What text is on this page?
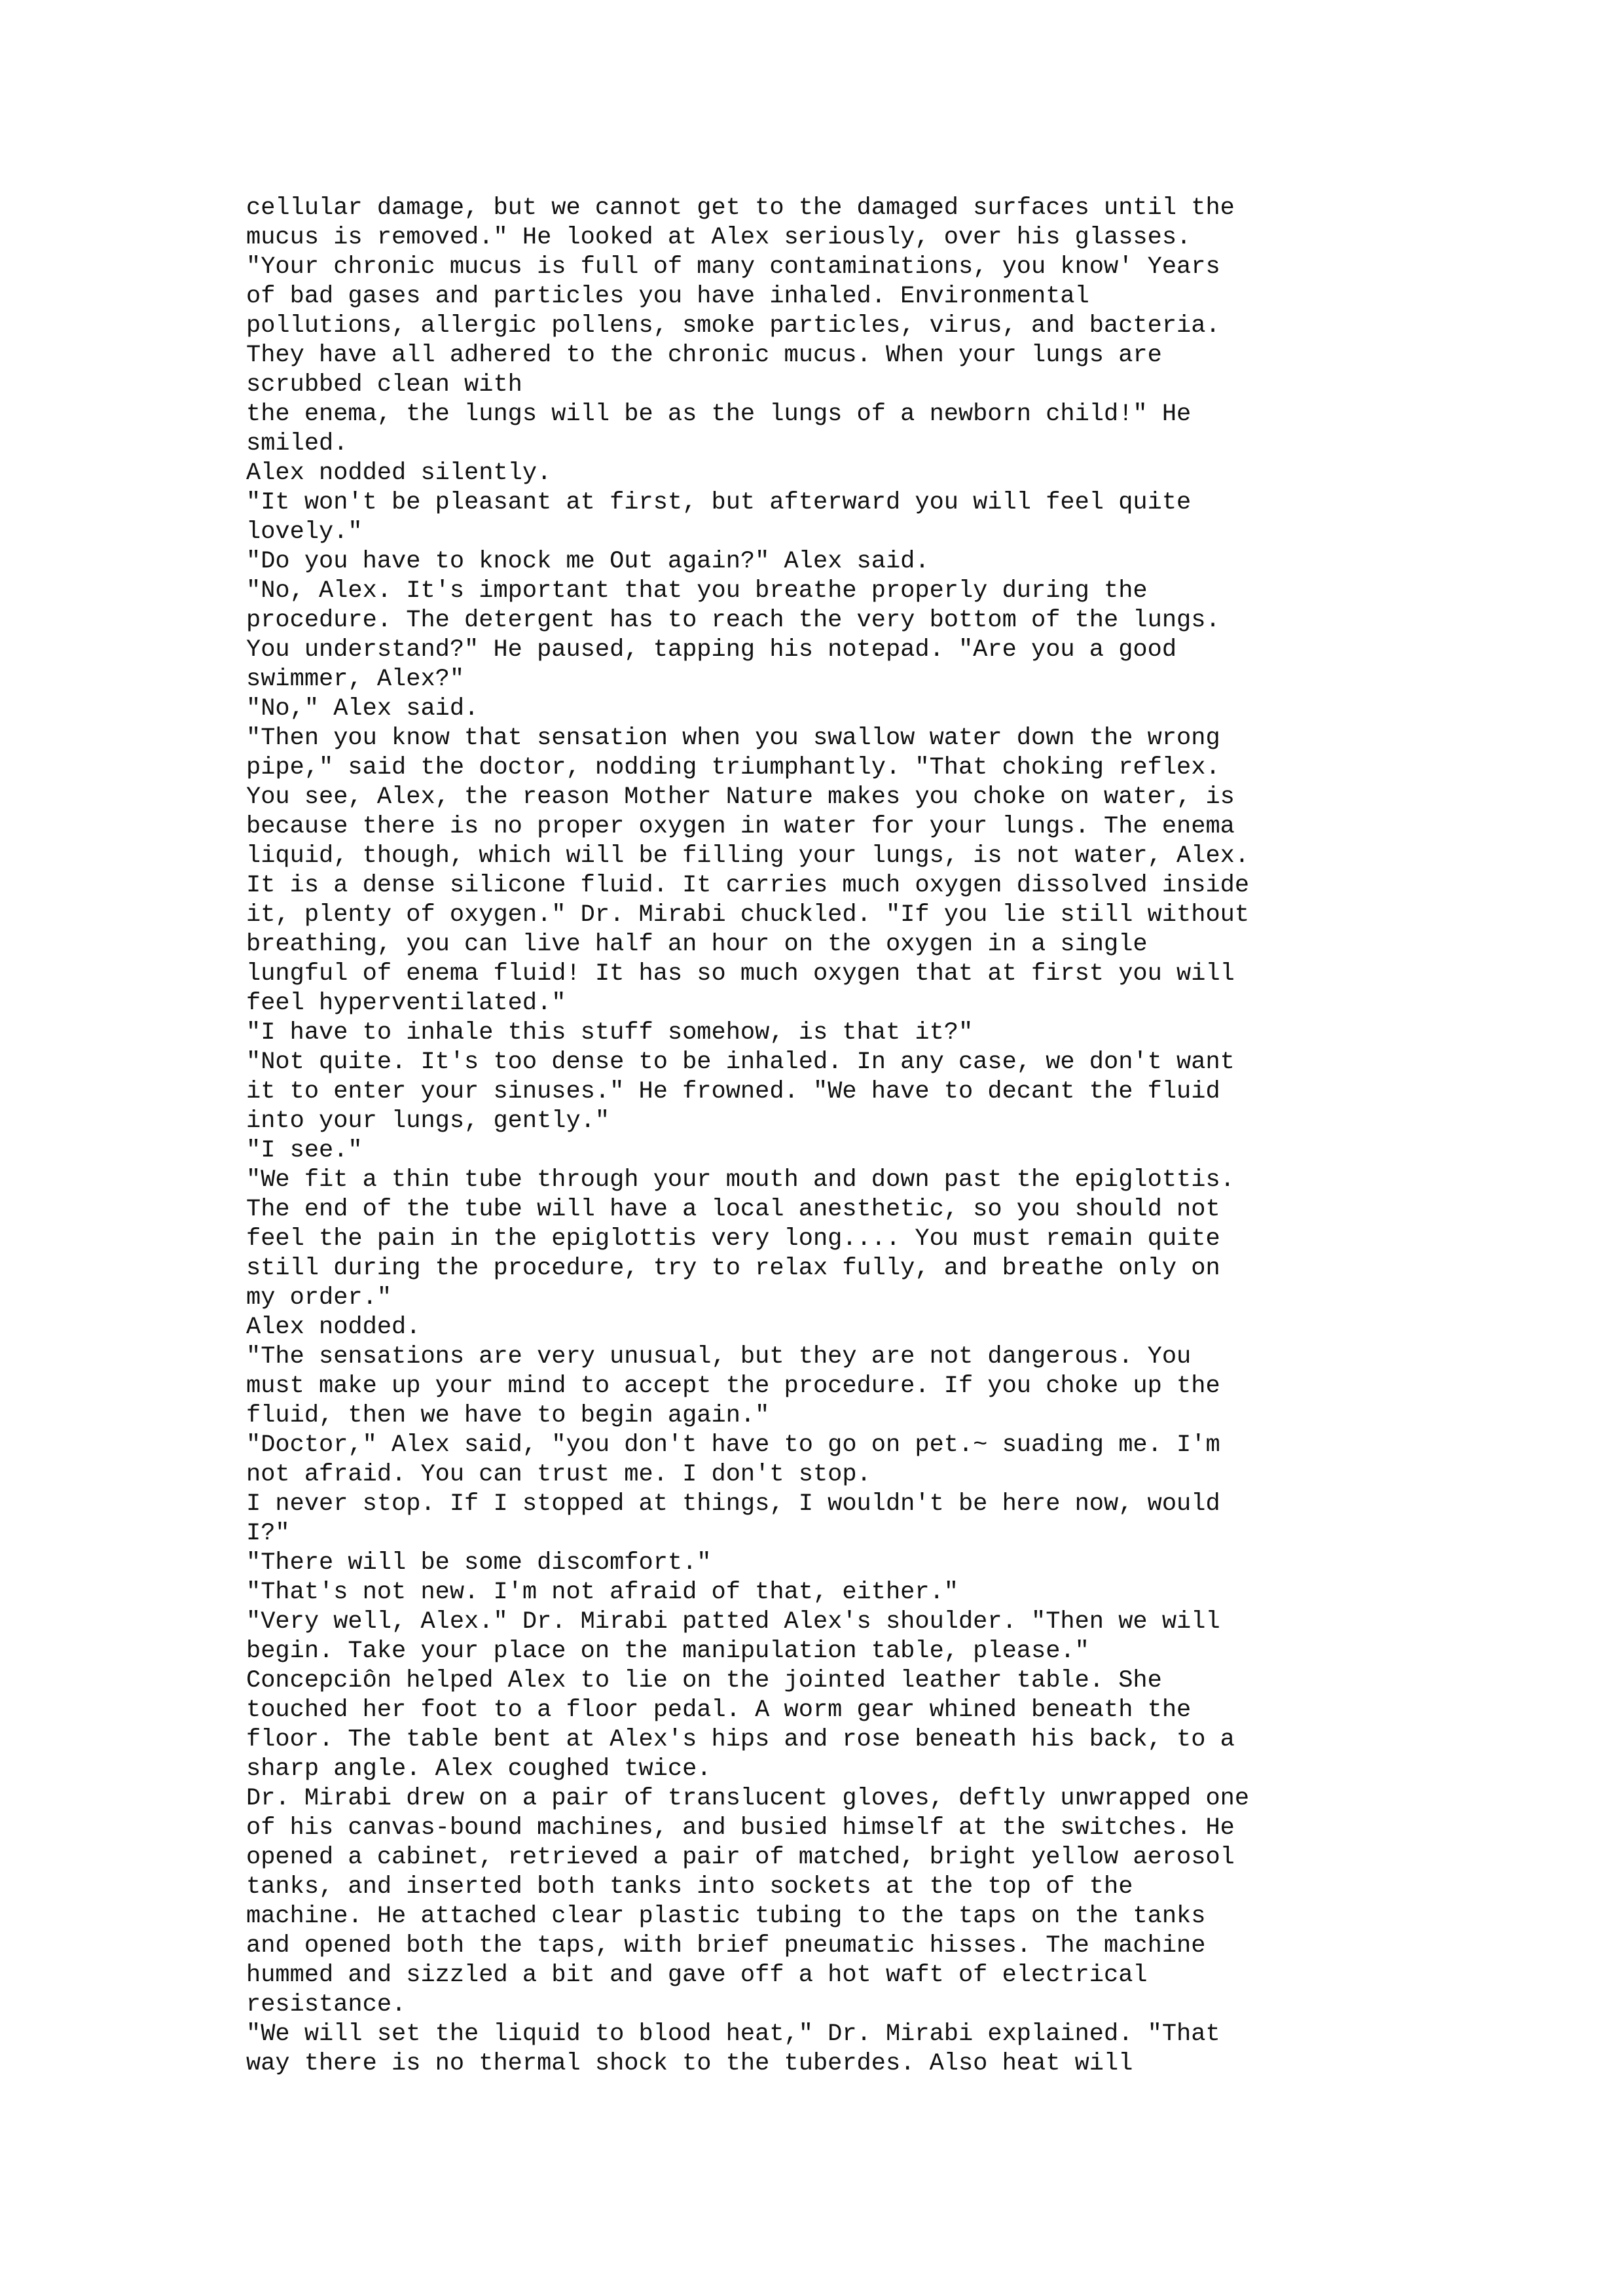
cellular damage, but we cannot get to the damaged surfaces until the
mucus is removed." He looked at Alex seriously, over his glasses.
"Your chronic mucus is full of many contaminations, you know' Years
of bad gases and particles you have inhaled. Environmental
pollutions, allergic pollens, smoke particles, virus, and bacteria.
They have all adhered to the chronic mucus. When your lungs are
scrubbed clean with
the enema, the lungs will be as the lungs of a newborn child!" He
smiled.
Alex nodded silently.
"It won't be pleasant at first, but afterward you will feel quite
lovely."
"Do you have to knock me Out again?" Alex said.
"No, Alex. It's important that you breathe properly during the
procedure. The detergent has to reach the very bottom of the lungs.
You understand?" He paused, tapping his notepad. "Are you a good
swimmer, Alex?"
"No," Alex said.
"Then you know that sensation when you swallow water down the wrong
pipe," said the doctor, nodding triumphantly. "That choking reflex.
You see, Alex, the reason Mother Nature makes you choke on water, is
because there is no proper oxygen in water for your lungs. The enema
liquid, though, which will be filling your lungs, is not water, Alex.
It is a dense silicone fluid. It carries much oxygen dissolved inside
it, plenty of oxygen." Dr. Mirabi chuckled. "If you lie still without
breathing, you can live half an hour on the oxygen in a single
lungful of enema fluid! It has so much oxygen that at first you will
feel hyperventilated."
"I have to inhale this stuff somehow, is that it?"
"Not quite. It's too dense to be inhaled. In any case, we don't want
it to enter your sinuses." He frowned. "We have to decant the fluid
into your lungs, gently."
"I see."
"We fit a thin tube through your mouth and down past the epiglottis.
The end of the tube will have a local anesthetic, so you should not
feel the pain in the epiglottis very long.... You must remain quite
still during the procedure, try to relax fully, and breathe only on
my order."
Alex nodded.
"The sensations are very unusual, but they are not dangerous. You
must make up your mind to accept the procedure. If you choke up the
fluid, then we have to begin again."
"Doctor," Alex said, "you don't have to go on pet.~ suading me. I'm
not afraid. You can trust me. I don't stop.
I never stop. If I stopped at things, I wouldn't be here now, would
I?"
"There will be some discomfort."
"That's not new. I'm not afraid of that, either."
"Very well, Alex." Dr. Mirabi patted Alex's shoulder. "Then we will
begin. Take your place on the manipulation table, please."
Concepciôn helped Alex to lie on the jointed leather table. She
touched her foot to a floor pedal. A worm gear whined beneath the
floor. The table bent at Alex's hips and rose beneath his back, to a
sharp angle. Alex coughed twice.
Dr. Mirabi drew on a pair of translucent gloves, deftly unwrapped one
of his canvas-bound machines, and busied himself at the switches. He
opened a cabinet, retrieved a pair of matched, bright yellow aerosol
tanks, and inserted both tanks into sockets at the top of the
machine. He attached clear plastic tubing to the taps on the tanks
and opened both the taps, with brief pneumatic hisses. The machine
hummed and sizzled a bit and gave off a hot waft of electrical
resistance.
"We will set the liquid to blood heat," Dr. Mirabi explained. "That
way there is no thermal shock to the tuberdes. Also heat will
